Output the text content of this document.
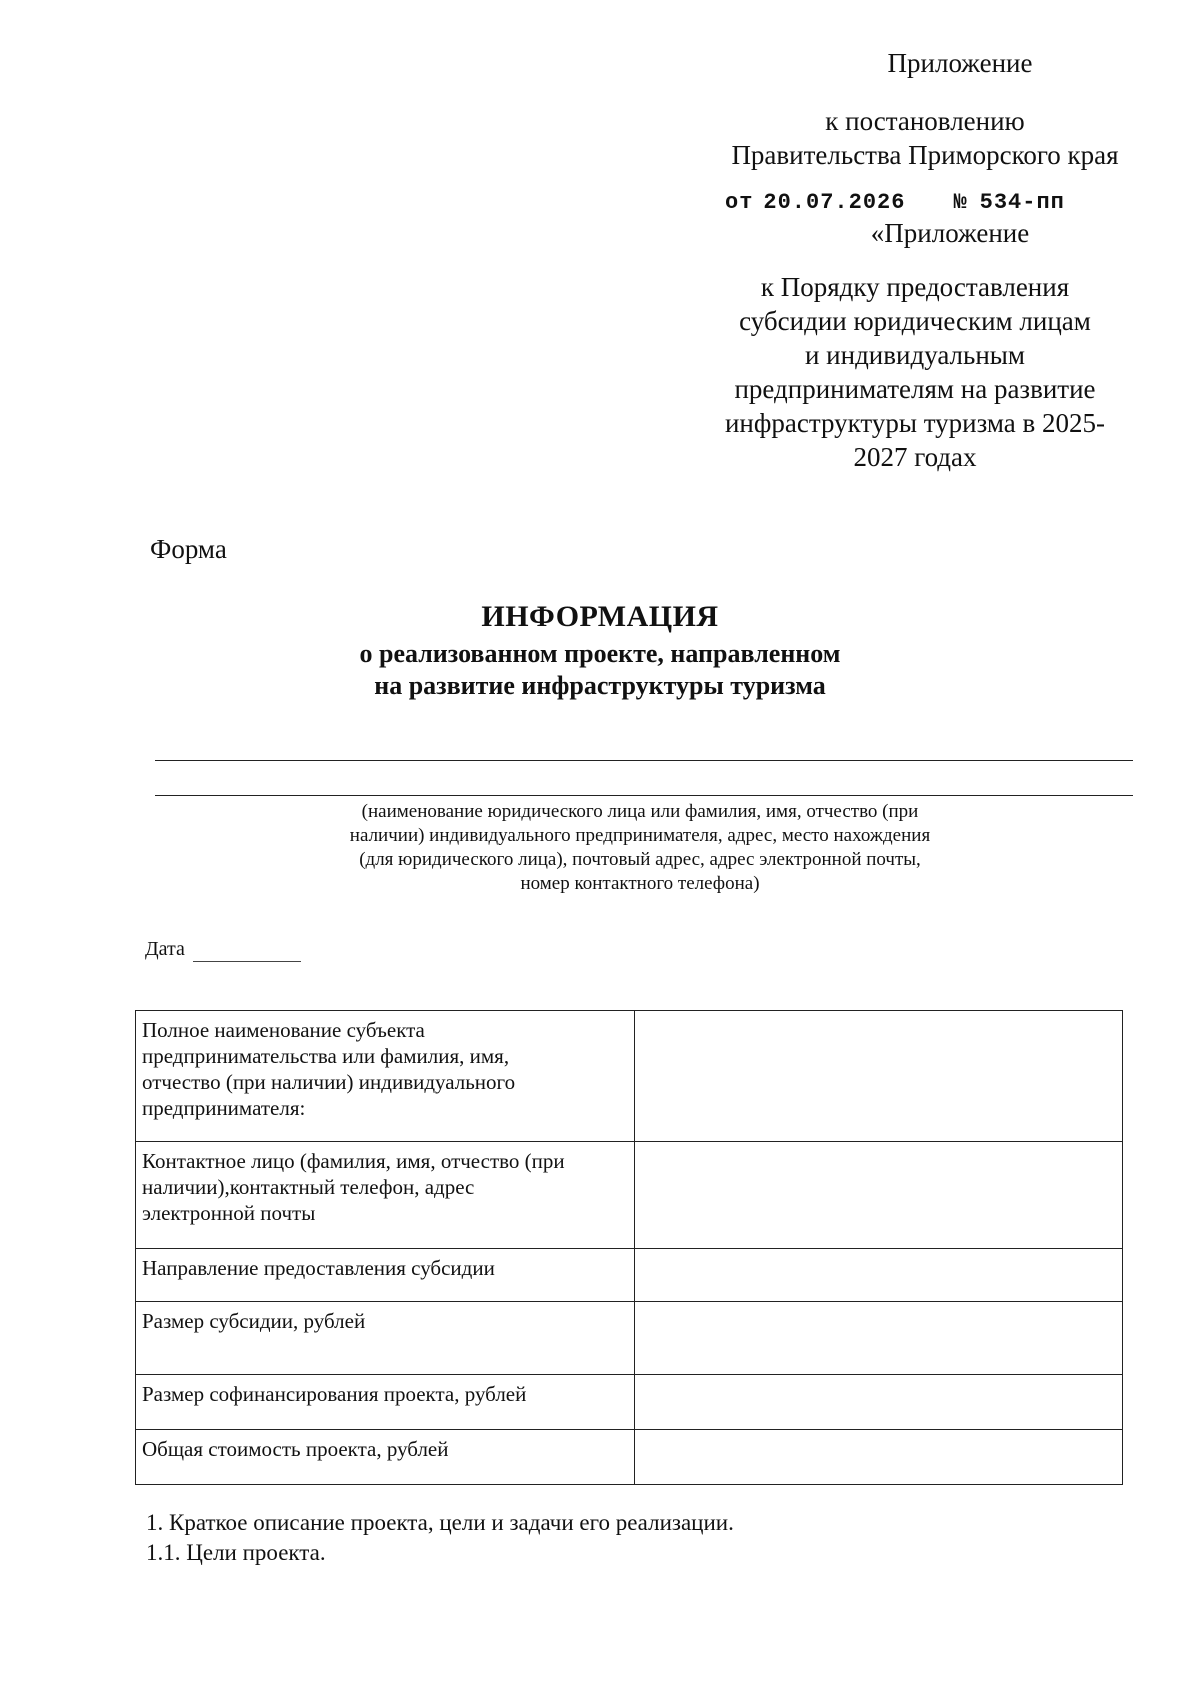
Приложение
к постановлению
Правительства Приморского края
от 20.07.2026 № 534-пп
«Приложение
к Порядку предоставления
субсидии юридическим лицам
и индивидуальным
предпринимателям на развитие
инфраструктуры туризма в 2025-
2027 годах
Форма
ИНФОРМАЦИЯ
о реализованном проекте, направленном
на развитие инфраструктуры туризма
(наименование юридического лица или фамилия, имя, отчество (при
наличии) индивидуального предпринимателя, адрес, место нахождения
(для юридического лица), почтовый адрес, адрес электронной почты,
номер контактного телефона)
Дата
Полное наименование субъекта
предпринимательства или фамилия, имя,
отчество (при наличии) индивидуального
предпринимателя:	

Контактное лицо (фамилия, имя, отчество (при
наличии),контактный телефон, адрес
электронной почты	

Направление предоставления субсидии	

Размер субсидии, рублей	

Размер софинансирования проекта, рублей	

Общая стоимость проекта, рублей	

1. Краткое описание проекта, цели и задачи его реализации.
1.1. Цели проекта.
